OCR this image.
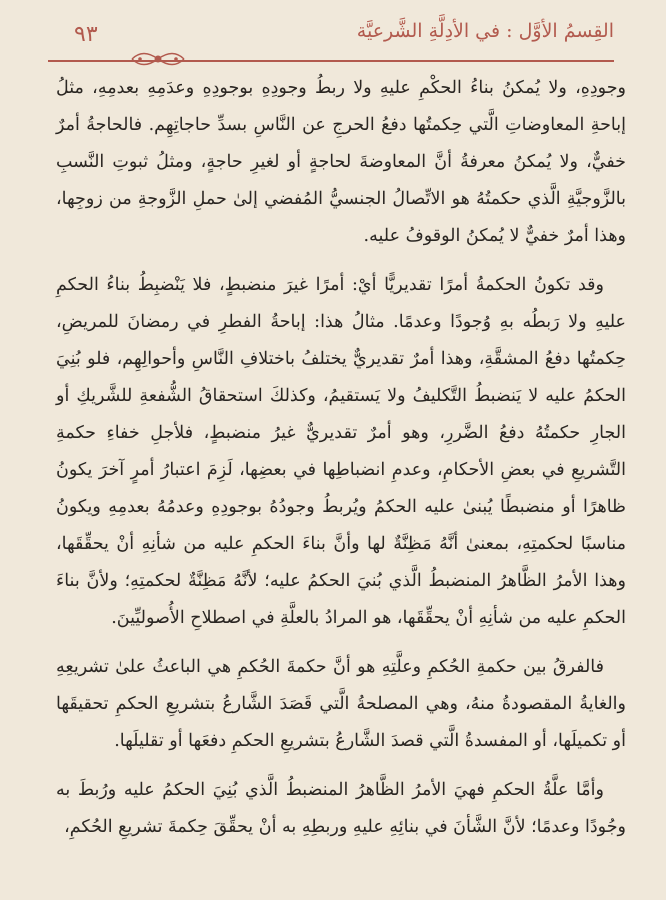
٩٣	القِسمُ الأوَّل : في الأدِلَّةِ الشَّرعيَّة

وجودِهِ، ولا يُمكنُ بناءُ الحكْمِ عليهِ ولا ربطُ وجودِهِ بوجودِهِ وعدَمِهِ بعدمِهِ، مثلُ إباحةِ المعاوضاتِ الَّتي حِكمتُها دفعُ الحرجِ عن النَّاسِ بسدِّ حاجاتِهِم. فالحاجةُ أمرٌ خفيٌّ، ولا يُمكنُ معرفةُ أنَّ المعاوضةَ لحاجةٍ أو لغيرِ حاجةٍ، ومثلُ ثبوتِ النَّسبِ بالزَّوجيَّةِ الَّذي حكمتُهُ هو الاتِّصالُ الجنسيُّ المُفضي إلىٰ حملِ الزَّوجةِ من زوجِها، وهذا أمرٌ خفيٌّ لا يُمكنُ الوقوفُ عليه.

وقد تكونُ الحكمةُ أمرًا تقديريًّا أيْ: أمرًا غيرَ منضبطٍ، فلا يَنْضبِطُ بناءُ الحكمِ عليهِ ولا رَبطُه بهِ وُجودًا وعدمًا. مثالُ هذا: إباحةُ الفطرِ في رمضانَ للمريضِ، حِكمتُها دفعُ المشقَّةِ، وهذا أمرٌ تقديريٌّ يختلفُ باختلافِ النَّاسِ وأحوالِهِم، فلو بُنِيَ الحكمُ عليه لا يَنضبطُ التَّكليفُ ولا يَستقيمُ، وكذلكَ استحقاقُ الشُّفعةِ للشَّريكِ أو الجارِ حكمتُهُ دفعُ الضَّررِ، وهو أمرٌ تقديريٌّ غيرُ منضبطٍ، فلأجلِ خفاءِ حكمةِ التَّشريعِ في بعضِ الأحكامِ، وعدمِ انضباطِها في بعضِها، لَزِمَ اعتبارُ أمرٍ آخرَ يكونُ ظاهرًا أو منضبطًا يُبنىٰ عليه الحكمُ ويُربطُ وجودُهُ بوجودِهِ وعدمُهُ بعدمِهِ ويكونُ مناسبًا لحكمتِهِ، بمعنىٰ أنَّهُ مَظِنَّةٌ لها وأنَّ بناءَ الحكمِ عليه من شأنِهِ أنْ يحقِّقَها، وهذا الأمرُ الظَّاهرُ المنضبطُ الَّذي بُنيَ الحكمُ عليه؛ لأنَّهُ مَظِنَّةٌ لحكمتِهِ؛ ولأنَّ بناءَ الحكمِ عليه من شأنِهِ أنْ يحقِّقَها، هو المرادُ بالعلَّةِ في اصطلاحِ الأُصوليِّينَ.

فالفرقُ بين حكمةِ الحُكمِ وعلَّتِهِ هو أنَّ حكمةَ الحُكمِ هي الباعثُ علىٰ تشريعِهِ والغايةُ المقصودةُ منهُ، وهي المصلحةُ الَّتي قَصَدَ الشَّارعُ بتشريعِ الحكمِ تحقيقَها أو تكميلَها، أو المفسدةُ الَّتي قصدَ الشَّارعُ بتشريعِ الحكمِ دفعَها أو تقليلَها.

وأمَّا علَّةُ الحكمِ فهيَ الأمرُ الظَّاهرُ المنضبطُ الَّذي بُنِيَ الحكمُ عليه ورُبطَ به وجُودًا وعدمًا؛ لأنَّ الشَّأنَ في بنائِهِ عليهِ وربطِهِ به أنْ يحقِّقَ حِكمةَ تشريعِ الحُكمِ،
